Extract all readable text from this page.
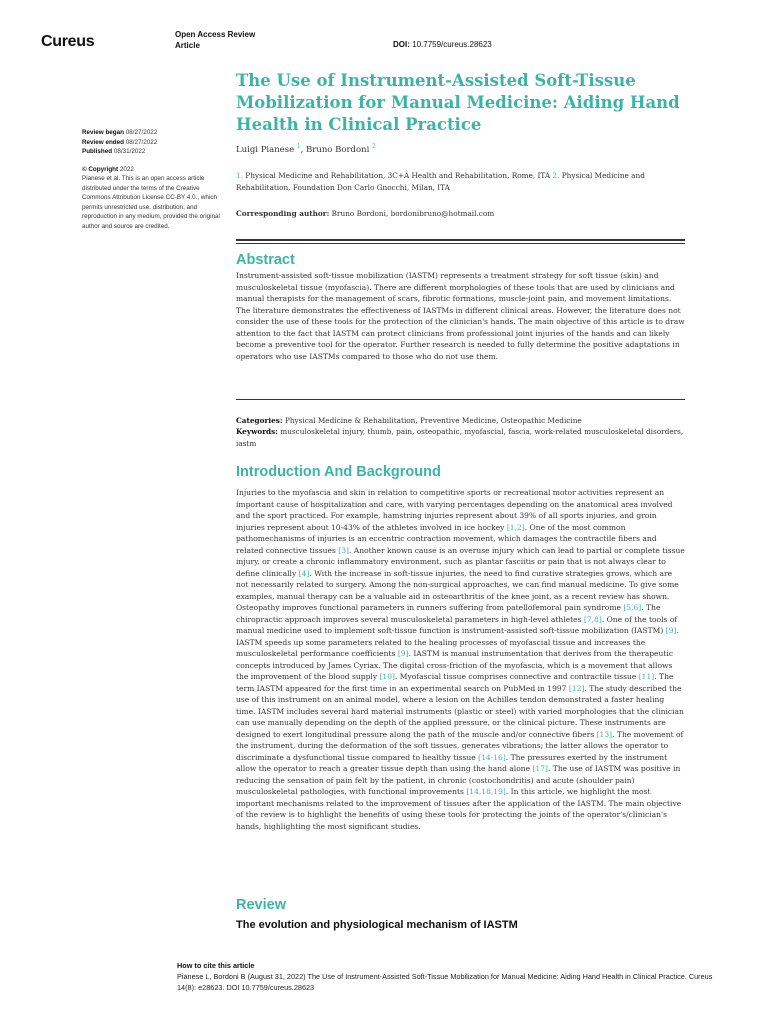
Cureus	Open Access Review
Article	DOI: 10.7759/cureus.28623
The Use of Instrument-Assisted Soft-Tissue Mobilization for Manual Medicine: Aiding Hand Health in Clinical Practice
Luigi Pianese $^1$, Bruno Bordoni $^2$
1. Physical Medicine and Rehabilitation, 3C+A Health and Rehabilitation, Rome, ITA 2. Physical Medicine and Rehabilitation, Foundation Don Carlo Gnocchi, Milan, ITA
Corresponding author: Bruno Bordoni, bordonibruno@hotmail.com
Review began 08/27/2022
Review ended 08/27/2022
Published 08/31/2022
© Copyright 2022
Pianese et al. This is an open access article distributed under the terms of the Creative Commons Attribution License CC-BY 4.0., which permits unrestricted use, distribution, and reproduction in any medium, provided the original author and source are credited.
Abstract

Instrument-assisted soft-tissue mobilization (IASTM) represents a treatment strategy for soft tissue (skin) and musculoskeletal tissue (myofascia). There are different morphologies of these tools that are used by clinicians and manual therapists for the management of scars, fibrotic formations, muscle-joint pain, and movement limitations. The literature demonstrates the effectiveness of IASTMs in different clinical areas. However, the literature does not consider the use of these tools for the protection of the clinician's hands. The main objective of this article is to draw attention to the fact that IASTM can protect clinicians from professional joint injuries of the hands and can likely become a preventive tool for the operator. Further research is needed to fully determine the positive adaptations in operators who use IASTMs compared to those who do not use them.

Categories: Physical Medicine & Rehabilitation, Preventive Medicine, Osteopathic Medicine
Keywords: musculoskeletal injury, thumb, pain, osteopathic, myofascial, fascia, work-related musculoskeletal disorders, iastm
Introduction And Background

Injuries to the myofascia and skin in relation to competitive sports or recreational motor activities represent an important cause of hospitalization and care, with varying percentages depending on the anatomical area involved and the sport practiced. For example, hamstring injuries represent about 39% of all sports injuries, and groin injuries represent about 10-43% of the athletes involved in ice hockey [1,2]. One of the most common pathomechanisms of injuries is an eccentric contraction movement, which damages the contractile fibers and related connective tissues [3]. Another known cause is an overuse injury which can lead to partial or complete tissue injury, or create a chronic inflammatory environment, such as plantar fasciitis or pain that is not always clear to define clinically [4]. With the increase in soft-tissue injuries, the need to find curative strategies grows, which are not necessarily related to surgery. Among the non-surgical approaches, we can find manual medicine. To give some examples, manual therapy can be a valuable aid in osteoarthritis of the knee joint, as a recent review has shown. Osteopathy improves functional parameters in runners suffering from patellofemoral pain syndrome [5,6]. The chiropractic approach improves several musculoskeletal parameters in high-level athletes [7,8]. One of the tools of manual medicine used to implement soft-tissue function is instrument-assisted soft-tissue mobilization (IASTM) [9]. IASTM speeds up some parameters related to the healing processes of myofascial tissue and increases the musculoskeletal performance coefficients [9]. IASTM is manual instrumentation that derives from the therapeutic concepts introduced by James Cyriax. The digital cross-friction of the myofascia, which is a movement that allows the improvement of the blood supply [10]. Myofascial tissue comprises connective and contractile tissue [11]. The term IASTM appeared for the first time in an experimental search on PubMed in 1997 [12]. The study described the use of this instrument on an animal model, where a lesion on the Achilles tendon demonstrated a faster healing time. IASTM includes several hard material instruments (plastic or steel) with varied morphologies that the clinician can use manually depending on the depth of the applied pressure, or the clinical picture. These instruments are designed to exert longitudinal pressure along the path of the muscle and/or connective fibers [13]. The movement of the instrument, during the deformation of the soft tissues, generates vibrations; the latter allows the operator to discriminate a dysfunctional tissue compared to healthy tissue [14-16]. The pressures exerted by the instrument allow the operator to reach a greater tissue depth than using the hand alone [17]. The use of IASTM was positive in reducing the sensation of pain felt by the patient, in chronic (costochondritis) and acute (shoulder pain) musculoskeletal pathologies, with functional improvements [14,18,19]. In this article, we highlight the most important mechanisms related to the improvement of tissues after the application of the IASTM. The main objective of the review is to highlight the benefits of using these tools for protecting the joints of the operator's/clinician's hands, highlighting the most significant studies.

Review
The evolution and physiological mechanism of IASTM
How to cite this article
Pianese L, Bordoni B (August 31, 2022) The Use of Instrument-Assisted Soft-Tissue Mobilization for Manual Medicine: Aiding Hand Health in Clinical Practice. Cureus 14(8): e28623. DOI 10.7759/cureus.28623
